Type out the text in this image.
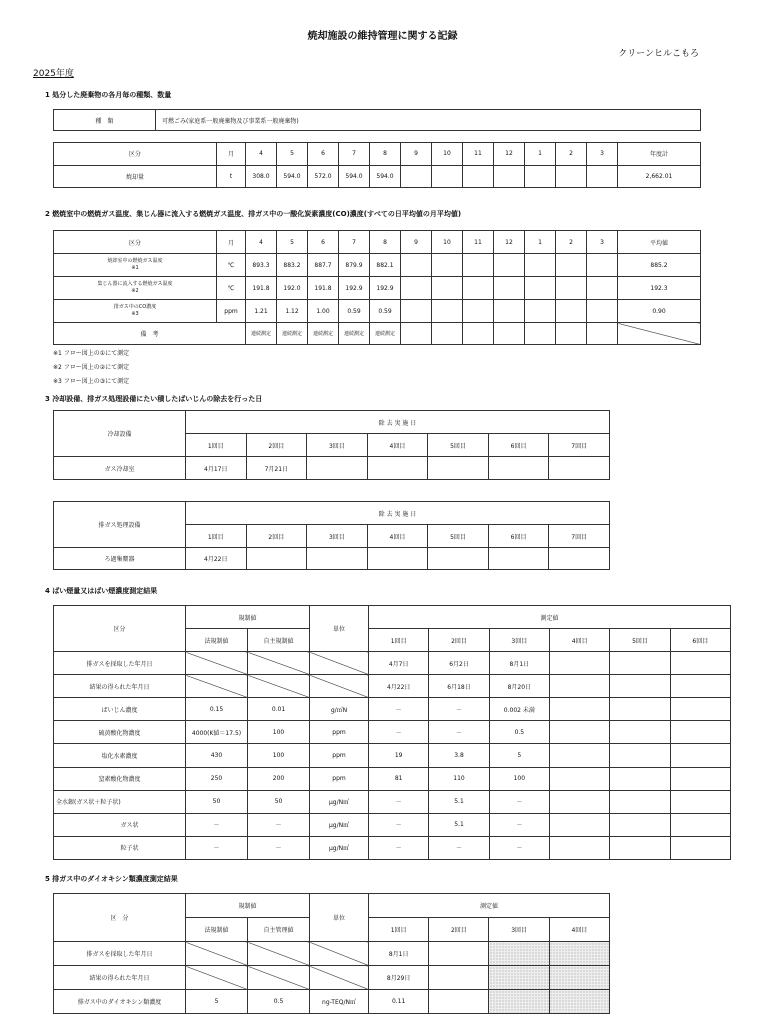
焼却施設の維持管理に関する記録
クリーンヒルこもろ
2025年度
1 処分した廃棄物の各月毎の種類、数量
種　類	可燃ごみ(家庭系一般廃棄物及び事業系一般廃棄物)
区分	月	4	5	6	7	8	9	10	11	12	1	2	3	年度計
焼却量	t	308.0	594.0	572.0	594.0	594.0								2,662.01
2 燃焼室中の燃焼ガス温度、集じん器に流入する燃焼ガス温度、排ガス中の一酸化炭素濃度(CO)濃度(すべての日平均値の月平均値)
区分	月	4	5	6	7	8	9	10	11	12	1	2	3	平均値
焼却室中の燃焼ガス温度
※1	℃	893.3	883.2	887.7	879.9	882.1								885.2
集じん器に流入する燃焼ガス温度
※2	℃	191.8	192.0	191.8	192.9	192.9								192.3
排ガス中のCO濃度
※3	ppm	1.21	1.12	1.00	0.59	0.59								0.90
備　考		連続測定	連続測定	連続測定	連続測定	連続測定								
※1 フロー図上の①にて測定
※2 フロー図上の②にて測定
※3 フロー図上の③にて測定
3 冷却設備、排ガス処理設備にたい積したばいじんの除去を行った日
冷却設備	除 去 実 施 日						
	1回目	2回目	3回目	4回目	5回目	6回目	7回目
ガス冷却室	4月17日	7月21日					
排ガス処理設備	除 去 実 施 日						
	1回目	2回目	3回目	4回目	5回目	6回目	7回目
ろ過集塵器	4月22日						
4 ばい煙量又はばい煙濃度測定結果
区分	規制値		単位	測定値					
	法規制値	自主規制値		1回目	2回目	3回目	4回目	5回目	6回目
排ガスを採取した年月日				4月7日	6月2日	8月1日			
結果の得られた年月日				4月22日	6月18日	8月20日			
ばいじん濃度	0.15	0.01	g/㎥N	－	－	0.002 未満			
硫黄酸化物濃度	4000(K値＝17.5)	100	ppm	－	－	0.5			
塩化水素濃度	430	100	ppm	19	3.8	5			
窒素酸化物濃度	250	200	ppm	81	110	100			
全水銀(ガス状＋粒子状)	50	50	μg/N㎥	－	5.1	－			
ガス状	－	－	μg/N㎥	－	5.1	－			
粒子状	－	－	μg/N㎥	－	－	－			
5 排ガス中のダイオキシン類濃度測定結果
区　分	規制値		単位	測定値			
	法規制値	自主管理値		1回目	2回目	3回目	4回目
排ガスを採取した年月日				8月1日			
結果の得られた年月日				8月29日			
排ガス中のダイオキシン類濃度	5	0.5	ng-TEQ/N㎥	0.11			
